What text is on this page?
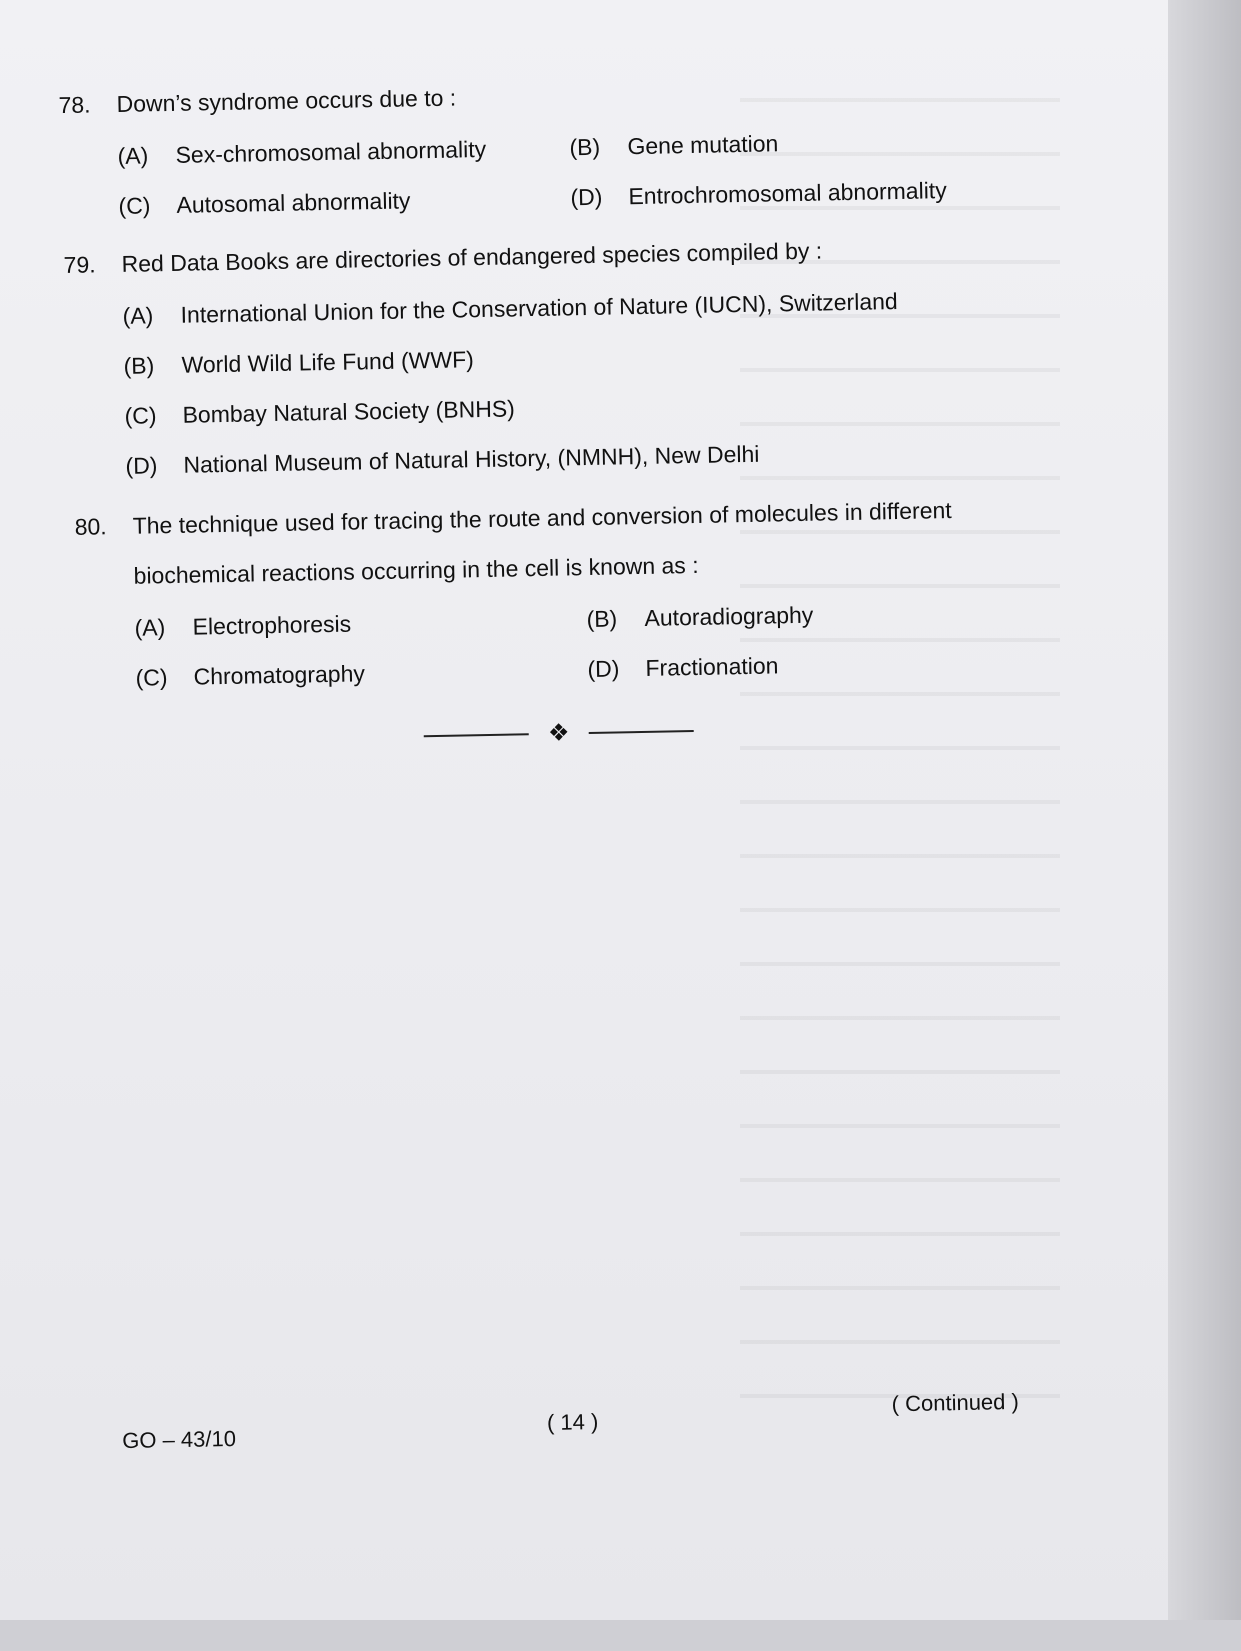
78. Down’s syndrome occurs due to :
(A) Sex-chromosomal abnormality	(B) Gene mutation
(C) Autosomal abnormality	(D) Entrochromosomal abnormality
79. Red Data Books are directories of endangered species compiled by :
(A) International Union for the Conservation of Nature (IUCN), Switzerland
(B) World Wild Life Fund (WWF)
(C) Bombay Natural Society (BNHS)
(D) National Museum of Natural History, (NMNH), New Delhi
80. The technique used for tracing the route and conversion of molecules in different
biochemical reactions occurring in the cell is known as :
(A) Electrophoresis	(B) Autoradiography
(C) Chromatography	(D) Fractionation
❖
GO – 43/10
( 14 )
( Continued )
